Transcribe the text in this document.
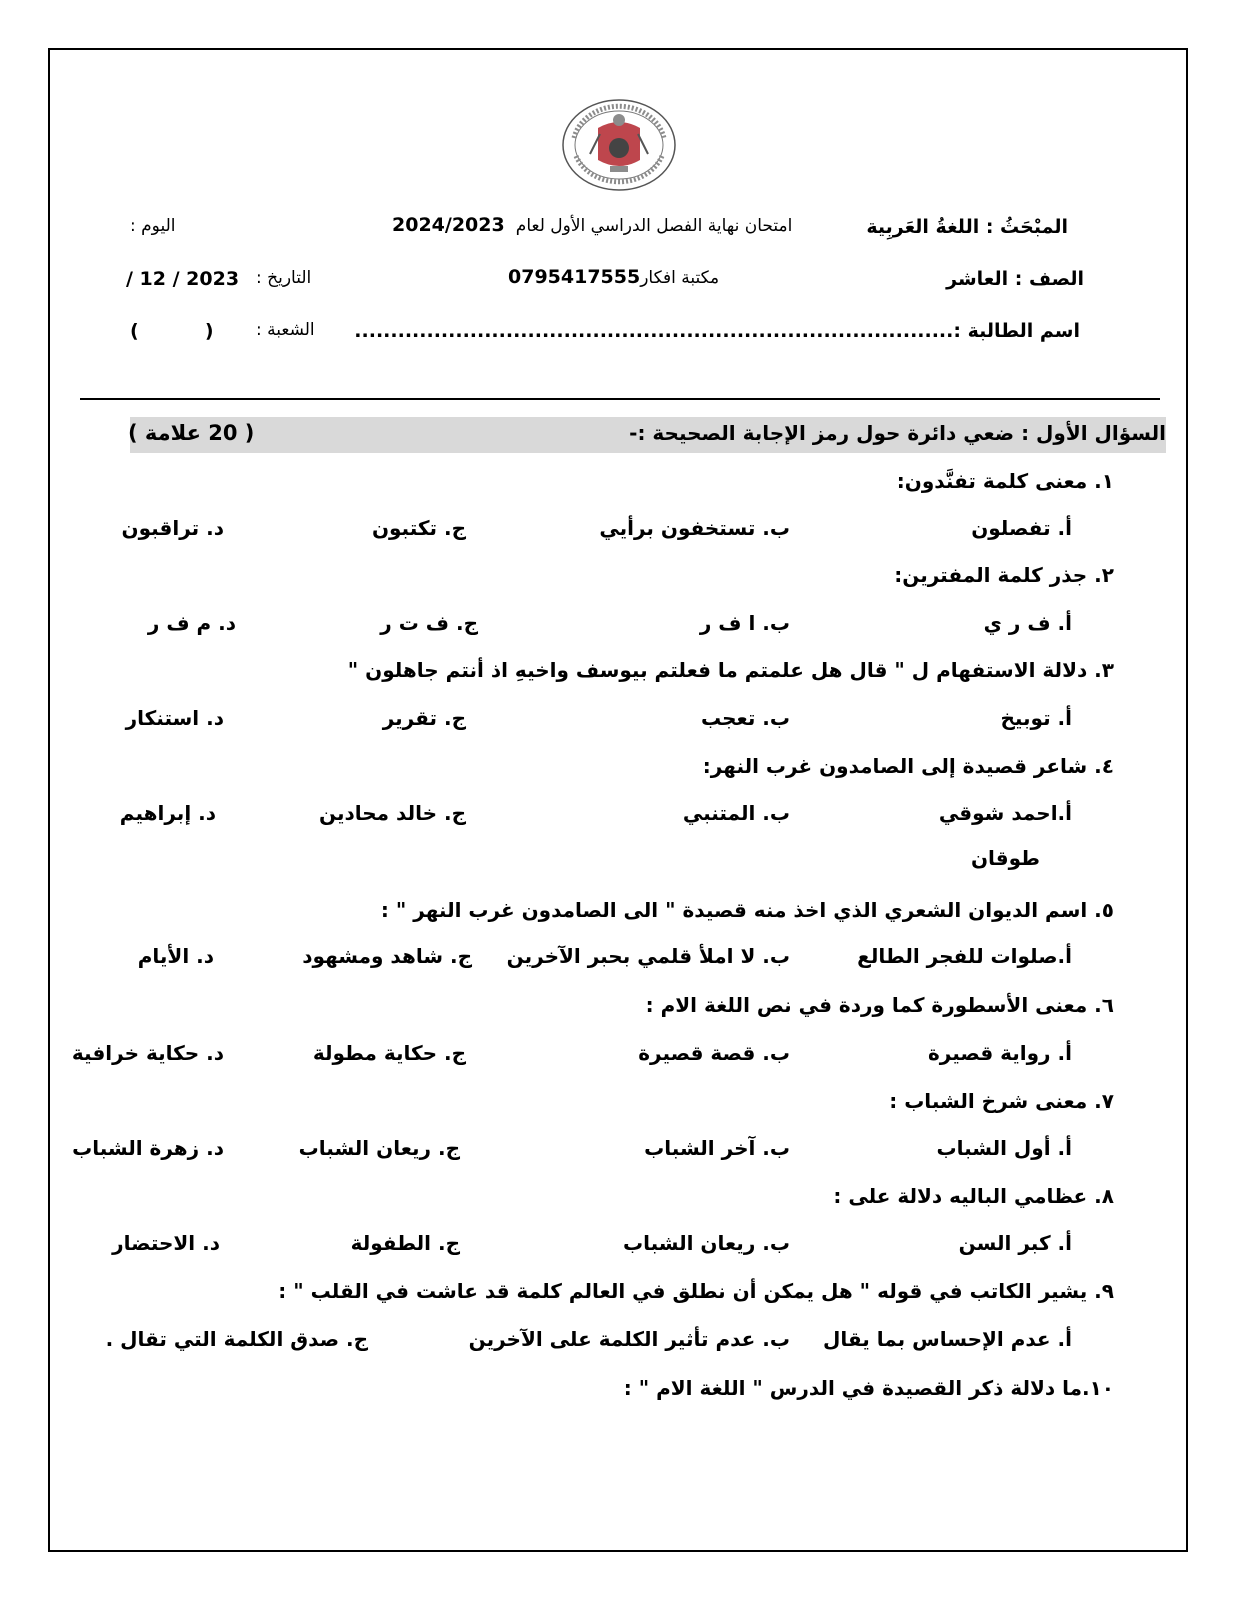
المبْحَثُ : اللغةُ العَربِية
امتحان نهاية الفصل الدراسي الأول لعام 2024/2023
اليوم :
الصف : العاشر
مكتبة افكار0795417555
التاريخ :
/ 12 / 2023
اسم الطالبة :...................................................................................
الشعبة :
(          )
السؤال الأول : ضعي دائرة حول رمز الإجابة الصحيحة :-
( 20 علامة )
١. معنى كلمة تفنَّدون:
أ. تفصلون
ب. تستخفون برأيي
ج. تكتبون
د. تراقبون
٢. جذر كلمة المفترين:
أ. ف ر ي
ب. ا ف ر
ج. ف ت ر
د. م ف ر
٣. دلالة الاستفهام ل " قال هل علمتم ما فعلتم بيوسف واخيهِ اذ أنتم جاهلون "
أ. توبيخ
ب. تعجب
ج. تقرير
د. استنكار
٤. شاعر قصيدة إلى الصامدون غرب النهر:
أ.احمد شوقي
ب. المتنبي
ج. خالد محادين
د. إبراهيم
طوقان
٥. اسم الديوان الشعري الذي اخذ منه قصيدة " الى الصامدون غرب النهر " :
أ.صلوات للفجر الطالع
ب. لا املأ قلمي بحبر الآخرين
ج. شاهد ومشهود
د. الأيام
٦. معنى الأسطورة كما وردة في نص اللغة الام :
أ. رواية قصيرة
ب. قصة قصيرة
ج. حكاية مطولة
د. حكاية خرافية
٧. معنى شرخ الشباب :
أ. أول الشباب
ب. آخر الشباب
ج. ريعان الشباب
د. زهرة الشباب
٨. عظامي الباليه دلالة على :
أ. كبر السن
ب. ريعان الشباب
ج. الطفولة
د. الاحتضار
٩. يشير الكاتب في قوله " هل يمكن أن نطلق في العالم كلمة قد عاشت في القلب " :
أ. عدم الإحساس بما يقال
ب. عدم تأثير الكلمة على الآخرين
ج. صدق الكلمة التي تقال .
١٠.ما دلالة ذكر القصيدة في الدرس " اللغة الام " :
